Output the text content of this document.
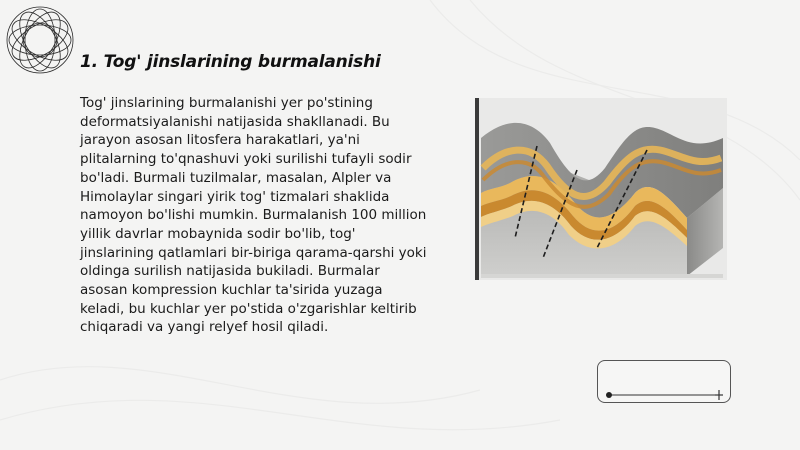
1. Tog' jinslarining burmalanishi

Tog' jinslarining burmalanishi yer po'stining deformatsiyalanishi natijasida shakllanadi. Bu jarayon asosan litosfera harakatlari, ya'ni plitalarning to'qnashuvi yoki surilishi tufayli sodir bo'ladi. Burmali tuzilmalar, masalan, Alpler va Himolaylar singari yirik tog' tizmalari shaklida namoyon bo'lishi mumkin. Burmalanish 100 million yillik davrlar mobaynida sodir bo'lib, tog' jinslarining qatlamlari bir-biriga qarama-qarshi yoki oldinga surilish natijasida bukiladi. Burmalar asosan kompression kuchlar ta'sirida yuzaga keladi, bu kuchlar yer po'stida o'zgarishlar keltirib chiqaradi va yangi relyef hosil qiladi.
